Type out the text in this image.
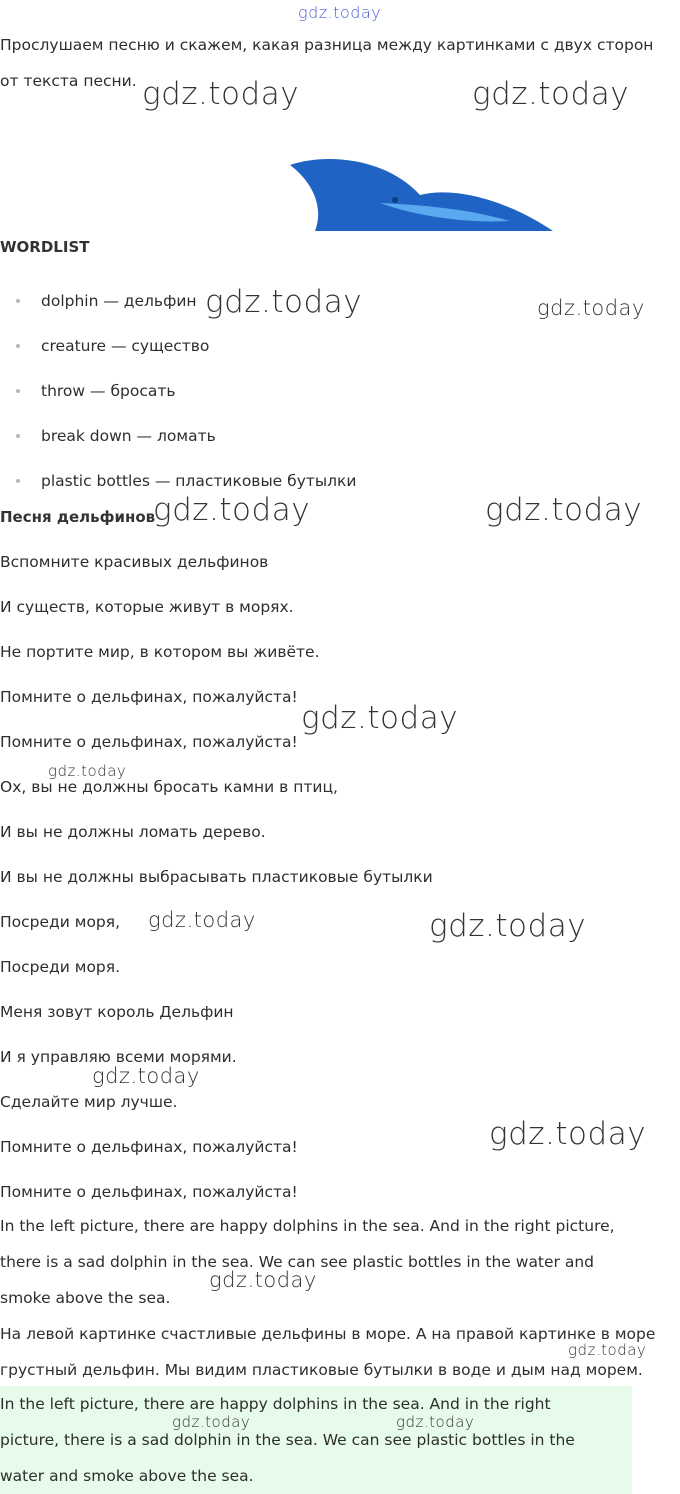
Прослушаем песню и скажем, какая разница между картинками с двух сторон
от текста песни.
WORDLIST
dolphin — дельфин
creature — существо
throw — бросать
break down — ломать
plastic bottles — пластиковые бутылки
Песня дельфинов

Вспомните красивых дельфинов

И существ, которые живут в морях.

Не портите мир, в котором вы живёте.

Помните о дельфинах, пожалуйста!

Помните о дельфинах, пожалуйста!

Ох, вы не должны бросать камни в птиц,

И вы не должны ломать дерево.

И вы не должны выбрасывать пластиковые бутылки

Посреди моря,

Посреди моря.

Меня зовут король Дельфин

И я управляю всеми морями.

Сделайте мир лучше.

Помните о дельфинах, пожалуйста!

Помните о дельфинах, пожалуйста!

In the left picture, there are happy dolphins in the sea. And in the right picture,
there is a sad dolphin in the sea. We can see plastic bottles in the water and
smoke above the sea.
На левой картинке счастливые дельфины в море. А на правой картинке в море
грустный дельфин. Мы видим пластиковые бутылки в воде и дым над морем.
In the left picture, there are happy dolphins in the sea. And in the right
picture, there is a sad dolphin in the sea. We can see plastic bottles in the
water and smoke above the sea.
gdz.today
gdz.today	gdz.today
gdz.today	gdz.today
gdz.today	gdz.today
gdz.today
gdz.today
gdz.today	gdz.today
gdz.today
gdz.today
gdz.today
gdz.today
gdz.today	gdz.today
